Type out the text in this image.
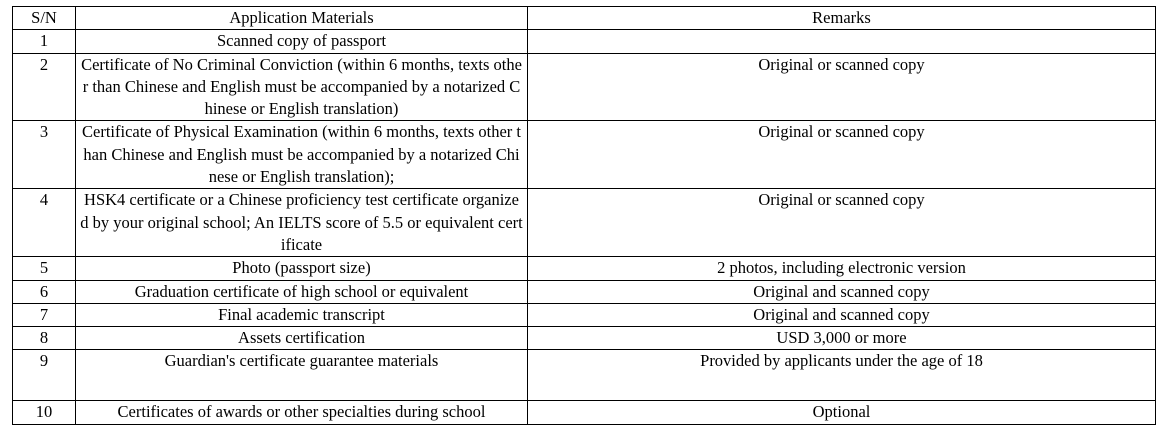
S/N	Application Materials	Remarks
1	Scanned copy of passport	
2	Certificate of No Criminal Conviction (within 6 months, texts other than Chinese and English must be accompanied by a notarized Chinese or English translation)	Original or scanned copy
3	Certificate of Physical Examination (within 6 months, texts other than Chinese and English must be accompanied by a notarized Chinese or English translation);	Original or scanned copy
4	HSK4 certificate or a Chinese proficiency test certificate organized by your original school; An IELTS score of 5.5 or equivalent certificate	Original or scanned copy
5	Photo (passport size)	2 photos, including electronic version
6	Graduation certificate of high school or equivalent	Original and scanned copy
7	Final academic transcript	Original and scanned copy
8	Assets certification	USD 3,000 or more
9	Guardian's certificate guarantee materials	Provided by applicants under the age of 18
10	Certificates of awards or other specialties during school	Optional
